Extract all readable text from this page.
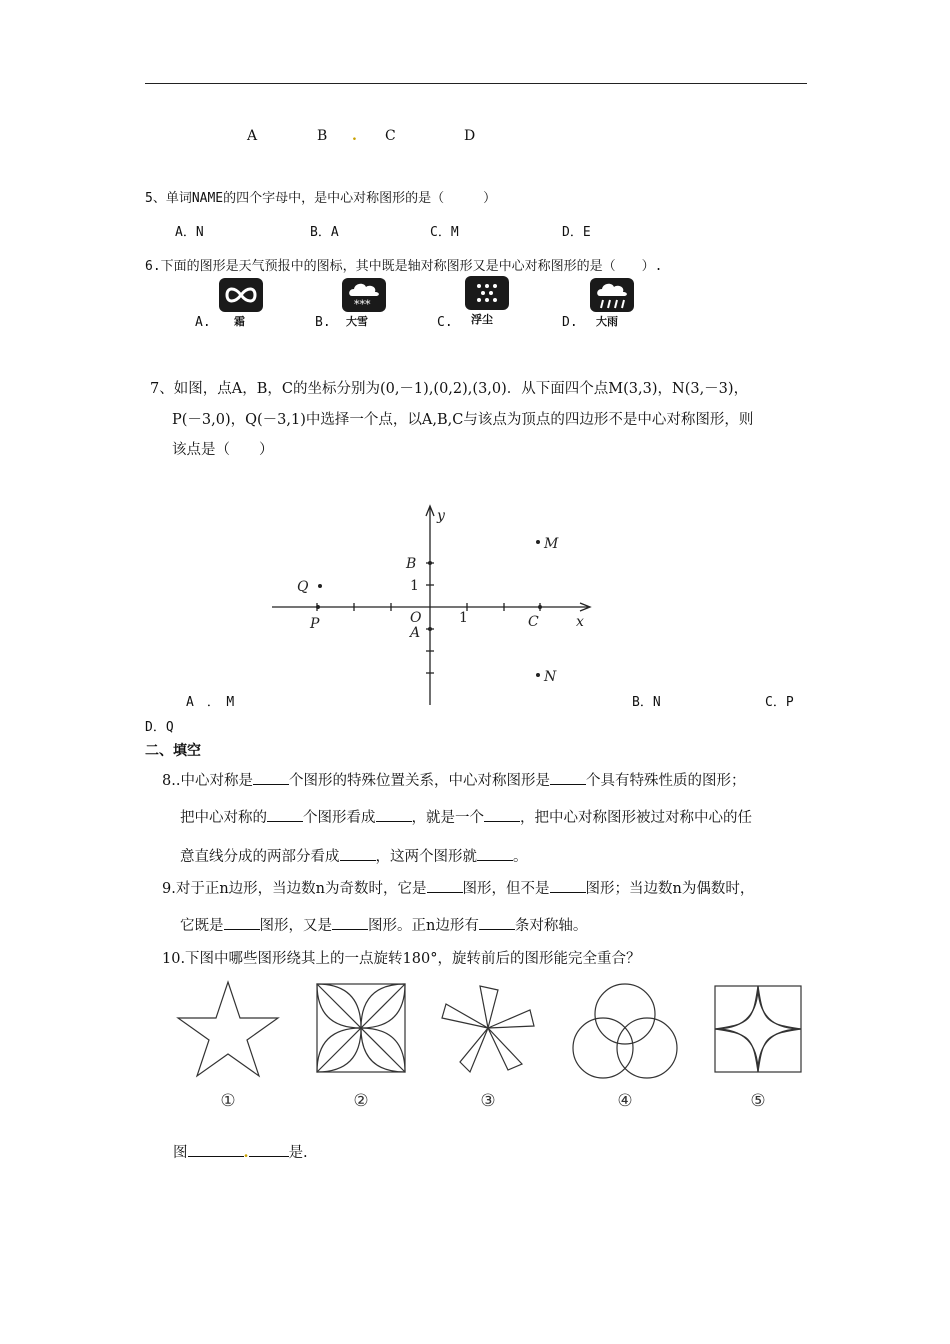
A	B . C	D
5、单词NAME的四个字母中，是中心对称图形的是（　　　）
A．N	B．A	C．M	D．E
6.下面的图形是天气预报中的图标，其中既是轴对称图形又是中心对称图形的是（　　）.
A. 霜	B.
***
大雪	C. 浮尘	D. 大雨
7、如图，点A，B，C的坐标分别为(0,－1),(0,2),(3,0)．从下面四个点M(3,3)，N(3,－3)，
P(－3,0)，Q(－3,1)中选择一个点，以A,B,C与该点为顶点的四边形不是中心对称图形，则
该点是（　　）
y
x
B
1
O
A
1	C
M
N
P
Q
A　．　M	B．N	C．P
D．Q
二、填空
8..中心对称是 个图形的特殊位置关系，中心对称图形是 个具有特殊性质的图形；
把中心对称的 个图形看成 ，就是一个 ，把中心对称图形被过对称中心的任
意直线分成的两部分看成 ，这两个图形就 。
9.对于正n边形，当边数n为奇数时，它是 图形，但不是 图形；当边数n为偶数时，
它既是 图形，又是 图形。正n边形有 条对称轴。
10.下图中哪些图形绕其上的一点旋转180°，旋转前后的图形能完全重合？
①	②	③	④	⑤
图	.	是.
